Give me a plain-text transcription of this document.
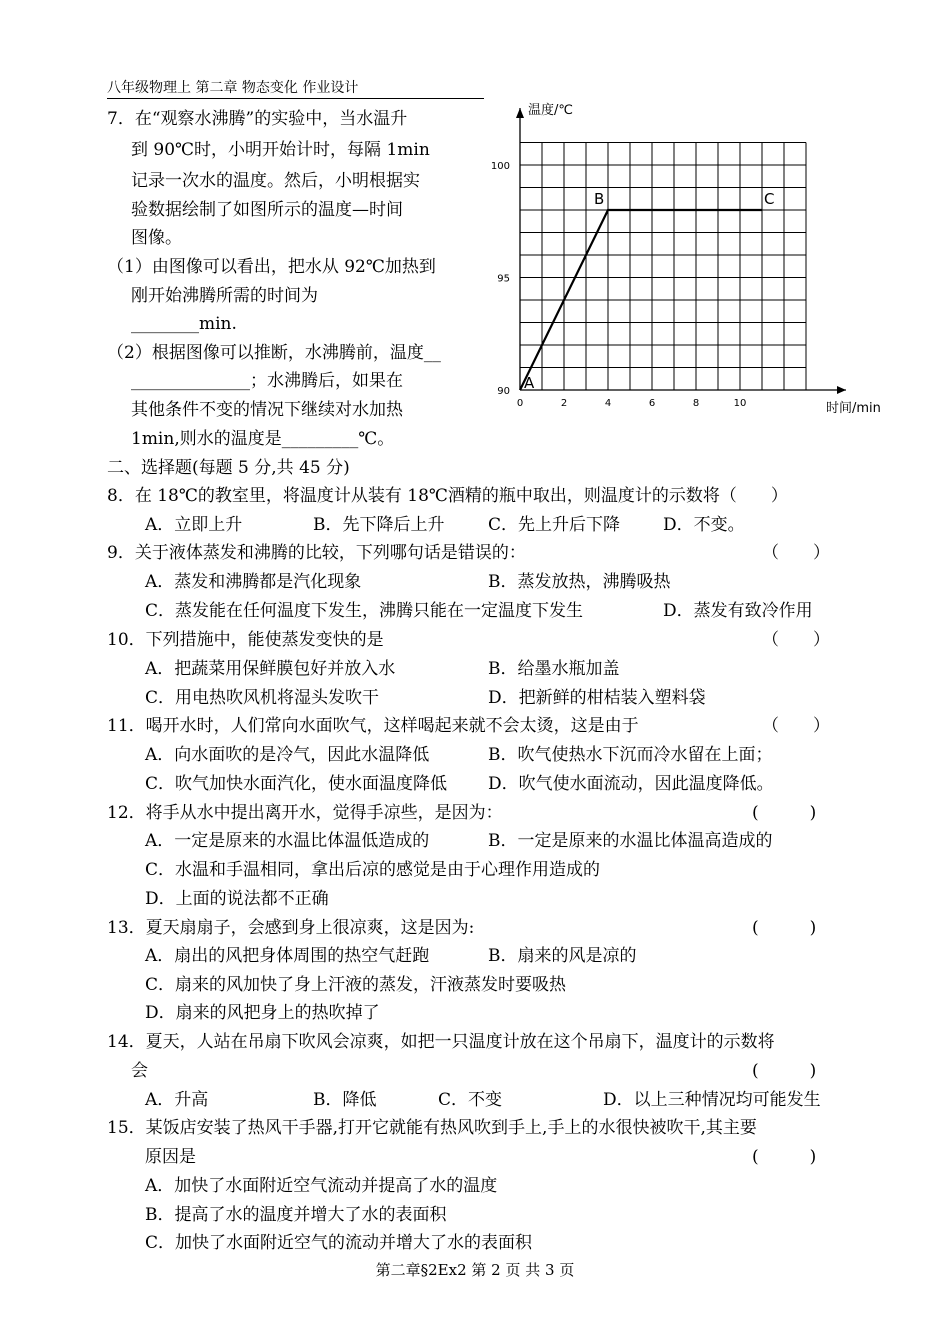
八年级物理上 第二章 物态变化 作业设计
7．在“观察水沸腾”的实验中，当水温升
到 90℃时，小明开始计时，每隔 1min
记录一次水的温度。然后，小明根据实
验数据绘制了如图所示的温度—时间
图像。
（1）由图像可以看出，把水从 92℃加热到
刚开始沸腾所需的时间为
________min.
（2）根据图像可以推断，水沸腾前，温度__
______________；水沸腾后，如果在
其他条件不变的情况下继续对水加热
1min,则水的温度是_________℃。
0	2	4	6	8	10
90
95
100
温度/℃
时间/min
A
B	C
二、选择题(每题 5 分,共 45 分)
8．在 18℃的教室里，将温度计从装有 18℃酒精的瓶中取出，则温度计的示数将（　　）
A．立即上升	B．先下降后上升	C．先上升后下降	D．不变。
9．关于液体蒸发和沸腾的比较，下列哪句话是错误的：	（　　）
A．蒸发和沸腾都是汽化现象	B．蒸发放热，沸腾吸热
C．蒸发能在任何温度下发生，沸腾只能在一定温度下发生	D．蒸发有致冷作用
10．下列措施中，能使蒸发变快的是	（　　）
A．把蔬菜用保鲜膜包好并放入水	B．给墨水瓶加盖
C．用电热吹风机将湿头发吹干	D．把新鲜的柑桔装入塑料袋
11．喝开水时，人们常向水面吹气，这样喝起来就不会太烫，这是由于	（　　）
A．向水面吹的是冷气，因此水温降低	B．吹气使热水下沉而冷水留在上面；
C．吹气加快水面汽化，使水面温度降低 D．吹气使水面流动，因此温度降低。
12．将手从水中提出离开水，觉得手凉些，是因为：	(　　　)
A．一定是原来的水温比体温低造成的	B．一定是原来的水温比体温高造成的
C．水温和手温相同，拿出后凉的感觉是由于心理作用造成的
D．上面的说法都不正确
13．夏天扇扇子，会感到身上很凉爽，这是因为:	(　　　)
A．扇出的风把身体周围的热空气赶跑	B．扇来的风是凉的
C．扇来的风加快了身上汗液的蒸发，汗液蒸发时要吸热
D．扇来的风把身上的热吹掉了
14．夏天，人站在吊扇下吹风会凉爽，如把一只温度计放在这个吊扇下，温度计的示数将
会	(　　　)
A．升高	B．降低	C．不变	D．以上三种情况均可能发生
15．某饭店安装了热风干手器,打开它就能有热风吹到手上,手上的水很快被吹干,其主要
原因是	(　　　)
A．加快了水面附近空气流动并提高了水的温度
B．提高了水的温度并增大了水的表面积
C．加快了水面附近空气的流动并增大了水的表面积
第二章§2Ex2 第 2 页 共 3 页
